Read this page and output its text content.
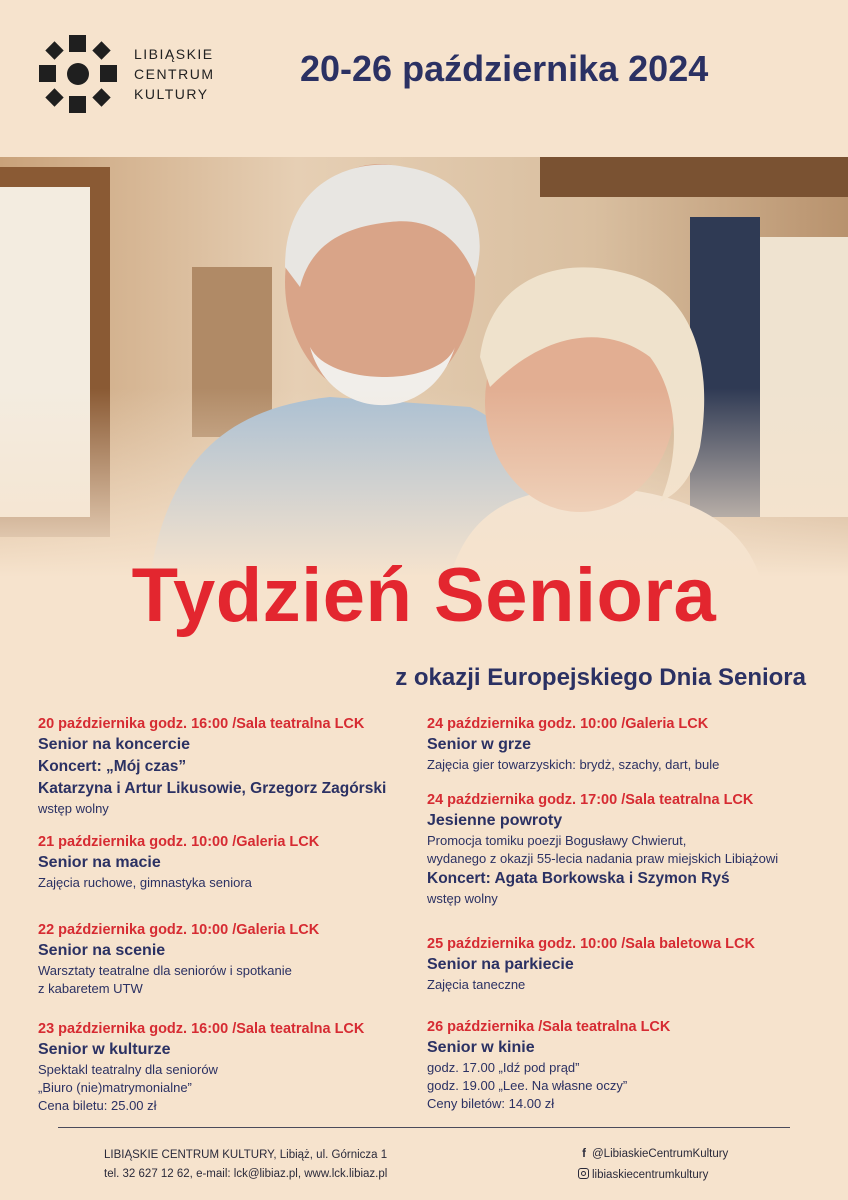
LIBIĄSKIE
CENTRUM
KULTURY
20-26 października 2024
Tydzień Seniora
z okazji Europejskiego Dnia Seniora
20 października godz. 16:00 /Sala teatralna LCK
Senior na koncercie
Koncert: „Mój czas”
Katarzyna i Artur Likusowie, Grzegorz Zagórski
wstęp wolny
21 października godz. 10:00 /Galeria LCK
Senior na macie
Zajęcia ruchowe, gimnastyka seniora
22 października godz. 10:00 /Galeria LCK
Senior na scenie
Warsztaty teatralne dla seniorów i spotkanie
z kabaretem UTW
23 października godz. 16:00 /Sala teatralna LCK
Senior w kulturze
Spektakl teatralny dla seniorów
„Biuro (nie)matrymonialne”
Cena biletu: 25.00 zł
24 października godz. 10:00 /Galeria LCK
Senior w grze
Zajęcia gier towarzyskich: brydż, szachy, dart, bule
24 października godz. 17:00 /Sala teatralna LCK
Jesienne powroty
Promocja tomiku poezji Bogusławy Chwierut,
wydanego z okazji 55-lecia nadania praw miejskich Libiążowi
Koncert: Agata Borkowska i Szymon Ryś
wstęp wolny
25 października godz. 10:00 /Sala baletowa LCK
Senior na parkiecie
Zajęcia taneczne
26 października /Sala teatralna LCK
Senior w kinie
godz. 17.00 „Idź pod prąd”
godz. 19.00 „Lee. Na własne oczy”
Ceny biletów: 14.00 zł
LIBIĄSKIE CENTRUM KULTURY, Libiąż, ul. Górnicza 1
tel. 32 627 12 62, e-mail: lck@libiaz.pl, www.lck.libiaz.pl
f @LibiaskieCentrumKultury
libiaskiecentrumkultury
